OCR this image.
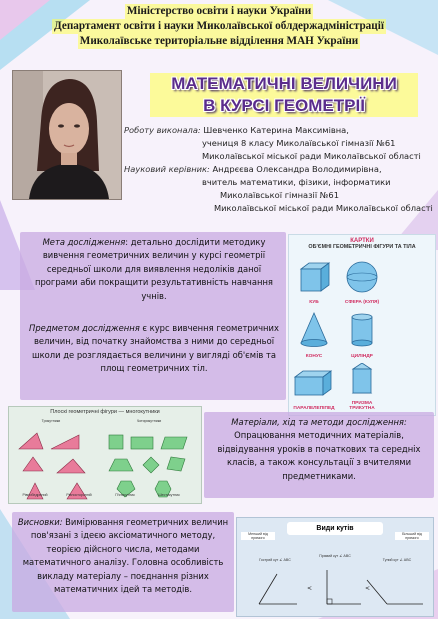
Міністерство освіти і науки України
Департамент освіти і науки Миколаївської облдержадміністрації
Миколаївське територіальне відділення МАН України
МАТЕМАТИЧНІ ВЕЛИЧИНИ
В КУРСІ ГЕОМЕТРІЇ
Роботу виконала: Шевченко Катерина Максимівна,
учениця 8 класу Миколаївської гімназії №61
Миколаївської міської ради Миколаївської області
Науковий керівник: Андрєєва Олександра Володимирівна,
вчитель математики, фізики, інформатики
Миколаївської гімназії №61
Миколаївської міської ради Миколаївської області
Мета дослідження: детально дослідити методику вивчення геометричних величин у курсі геометрії середньої школи для виявлення недоліків даної програми аби покращити результативність навчання учнів.
Предметом дослідження є курс вивчення геометричних величин, від початку знайомства з ними до середньої школи де розглядається величини у вигляді об'ємів та площ геометричних тіл.
КАРТКИ
ОБ'ЄМНІ ГЕОМЕТРИЧНІ ФІГУРИ ТА ТІЛА
КУБ	СФЕРА (КУЛЯ)
КОНУС	ЦИЛІНДР
ПАРАЛЕЛЕПІПЕД
ПРИЗМА ТРИКУТНА
Плоскі геометричні фігури — многокутники
Трикутники	Чотирикутники
Рівнобедрений	Рівносторонній	П'ятикутник	Шестикутник
Матеріали, хід та методи дослідження:
Опрацювання методичних матеріалів, відвідування уроків в початкових та середніх класів, а також консультації з вчителями предметниками.
Висновки: Вимірювання геометричних величин пов'язані з ідеєю аксіоматичного методу, теорією дійсного числа, методами математичного аналізу. Головна особливість викладу матеріалу – поєднання різних математичних ідей та методів.
Види кутів
Менший від прямого
Більший від прямого
Гострий кут ∠ ABC
Прямий кут ∠ ABC
Тупий кут ∠ ABC
<	<
